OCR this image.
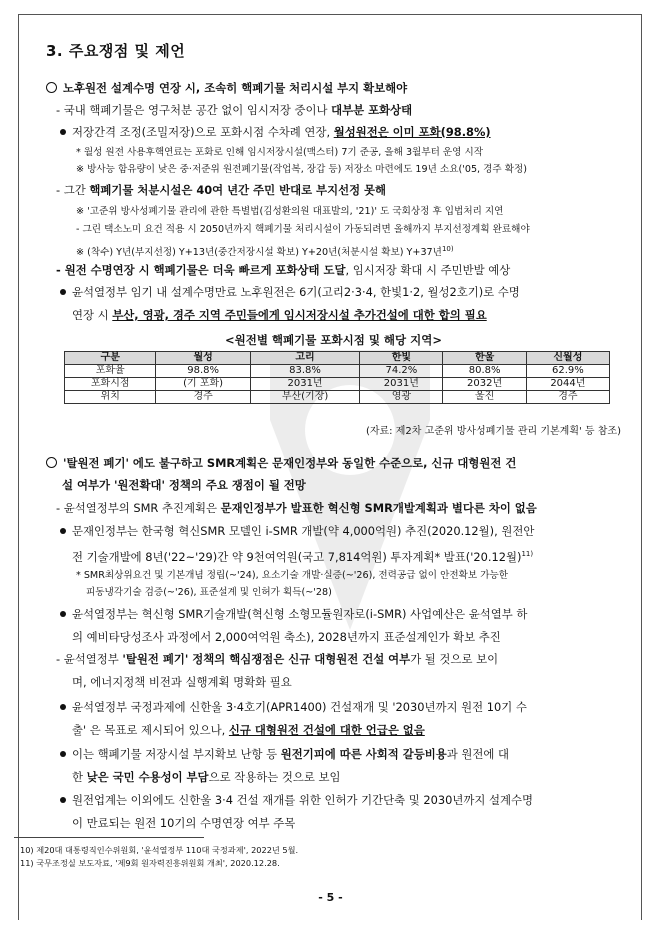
3. 주요쟁점 및 제언
노후원전 설계수명 연장 시, 조속히 핵폐기물 처리시설 부지 확보해야
- 국내 핵폐기물은 영구처분 공간 없이 임시저장 중이나 대부분 포화상태
저장간격 조정(조밀저장)으로 포화시점 수차례 연장, 월성원전은 이미 포화(98.8%)
* 월성 원전 사용후핵연료는 포화로 인해 임시저장시설(맥스터) 7기 준공, 올해 3월부터 운영 시작
※ 방사능 함유량이 낮은 중·저준위 원전폐기물(작업복, 장갑 등) 저장소 마련에도 19년 소요('05, 경주 확정)
- 그간 핵폐기물 처분시설은 40여 년간 주민 반대로 부지선정 못해
※ '고준위 방사성폐기물 관리에 관한 특별법(김성환의원 대표발의, '21)' 도 국회상정 후 입법처리 지연
- 그린 택소노미 요건 적용 시 2050년까지 핵폐기물 처리시설이 가동되려면 올해까지 부지선정계획 완료해야
※ (착수) Y년(부지선정) Y+13년(중간저장시설 확보) Y+20년(처분시설 확보) Y+37년$^{10)}$
- 원전 수명연장 시 핵폐기물은 더욱 빠르게 포화상태 도달, 임시저장 확대 시 주민반발 예상
윤석열정부 임기 내 설계수명만료 노후원전은 6기(고리2·3·4, 한빛1·2, 월성2호기)로 수명
연장 시 부산, 영광, 경주 지역 주민들에게 임시저장시설 추가건설에 대한 합의 필요
<원전별 핵폐기물 포화시점 및 해당 지역>
구분	월성	고리	한빛	한울	신월성
포화율	98.8%	83.8%	74.2%	80.8%	62.9%
포화시점	(기 포화)	2031년	2031년	2032년	2044년
위치	경주	부산(기장)	영광	울진	경주
(자료: 제2차 고준위 방사성폐기물 관리 기본계획' 등 참조)
'탈원전 폐기' 에도 불구하고 SMR계획은 문재인정부와 동일한 수준으로, 신규 대형원전 건
설 여부가 '원전확대' 정책의 주요 쟁점이 될 전망
- 윤석열정부의 SMR 추진계획은 문재인정부가 발표한 혁신형 SMR개발계획과 별다른 차이 없음
문재인정부는 한국형 혁신SMR 모델인 i-SMR 개발(약 4,000억원) 추진(2020.12월), 원전안
전 기술개발에 8년('22~'29)간 약 9천여억원(국고 7,814억원) 투자계획* 발표('20.12월)$^{11)}$
* SMR최상위요건 및 기본개념 정립(~'24), 요소기술 개발·실증(~'26), 전력공급 없이 안전확보 가능한
피동냉각기술 검증(~'26), 표준설계 및 인허가 획득(~'28)
윤석열정부는 혁신형 SMR기술개발(혁신형 소형모듈원자로(i-SMR) 사업예산은 윤석열부 하
의 예비타당성조사 과정에서 2,000여억원 축소), 2028년까지 표준설계인가 확보 추진
- 윤석열정부 '탈원전 폐기' 정책의 핵심쟁점은 신규 대형원전 건설 여부가 될 것으로 보이
며, 에너지정책 비전과 실행계획 명확화 필요
윤석열정부 국정과제에 신한울 3·4호기(APR1400) 건설재개 및 '2030년까지 원전 10기 수
출' 은 목표로 제시되어 있으나, 신규 대형원전 건설에 대한 언급은 없음
이는 핵폐기물 저장시설 부지확보 난항 등 원전기피에 따른 사회적 갈등비용과 원전에 대
한 낮은 국민 수용성이 부담으로 작용하는 것으로 보임
원전업계는 이외에도 신한울 3·4 건설 재개를 위한 인허가 기간단축 및 2030년까지 설계수명
이 만료되는 원전 10기의 수명연장 여부 주목
10) 제20대 대통령직인수위원회, '윤석열정부 110대 국정과제', 2022년 5월.
11) 국무조정실 보도자료, '제9회 원자력진흥위원회 개최', 2020.12.28.
- 5 -
